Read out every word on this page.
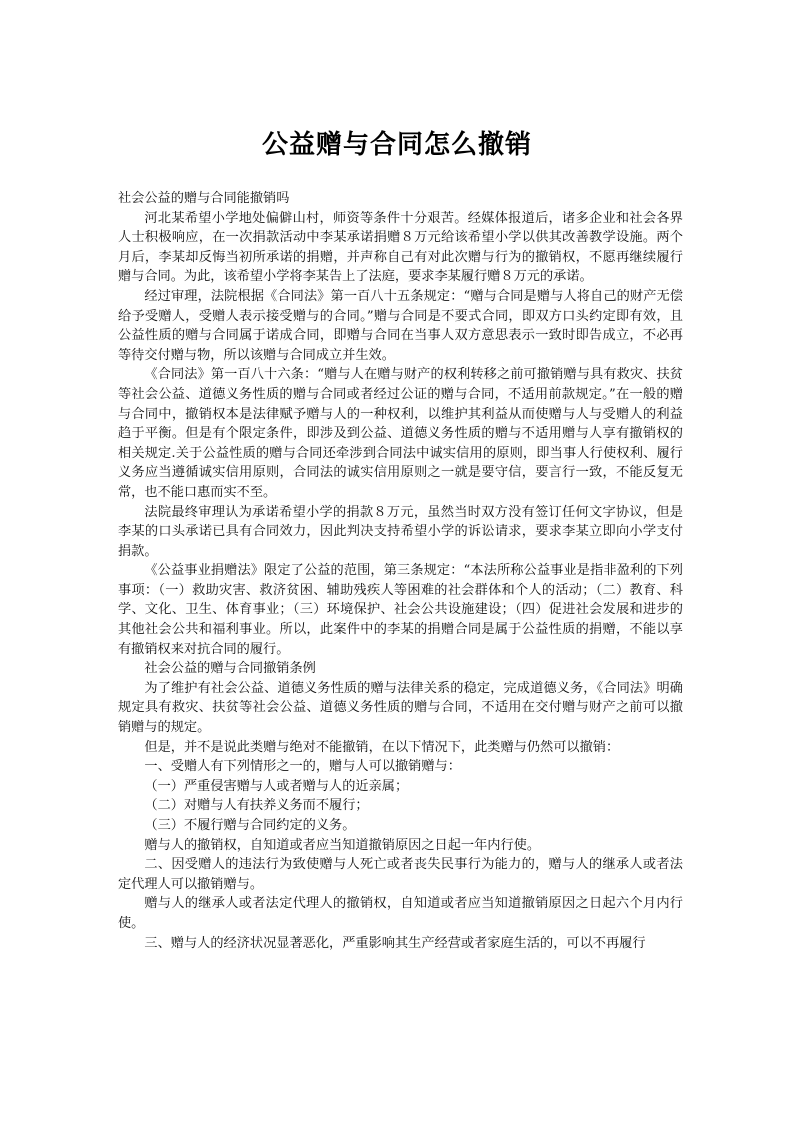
公益赠与合同怎么撤销

社会公益的赠与合同能撤销吗

河北某希望小学地处偏僻山村，师资等条件十分艰苦。经媒体报道后，诸多企业和社会各界人士积极响应，在一次捐款活动中李某承诺捐赠８万元给该希望小学以供其改善教学设施。两个月后，李某却反悔当初所承诺的捐赠，并声称自己有对此次赠与行为的撤销权，不愿再继续履行赠与合同。为此，该希望小学将李某告上了法庭，要求李某履行赠８万元的承诺。

经过审理，法院根据《合同法》第一百八十五条规定：“赠与合同是赠与人将自己的财产无偿给予受赠人，受赠人表示接受赠与的合同。”赠与合同是不要式合同，即双方口头约定即有效，且公益性质的赠与合同属于诺成合同，即赠与合同在当事人双方意思表示一致时即告成立，不必再等待交付赠与物，所以该赠与合同成立并生效。

《合同法》第一百八十六条：“赠与人在赠与财产的权利转移之前可撤销赠与具有救灾、扶贫等社会公益、道德义务性质的赠与合同或者经过公证的赠与合同，不适用前款规定。”在一般的赠与合同中，撤销权本是法律赋予赠与人的一种权利，以维护其利益从而使赠与人与受赠人的利益趋于平衡。但是有个限定条件，即涉及到公益、道德义务性质的赠与不适用赠与人享有撤销权的相关规定.关于公益性质的赠与合同还牵涉到合同法中诚实信用的原则，即当事人行使权利、履行义务应当遵循诚实信用原则，合同法的诚实信用原则之一就是要守信，要言行一致，不能反复无常，也不能口惠而实不至。

法院最终审理认为承诺希望小学的捐款８万元，虽然当时双方没有签订任何文字协议，但是李某的口头承诺已具有合同效力，因此判决支持希望小学的诉讼请求，要求李某立即向小学支付捐款。

《公益事业捐赠法》限定了公益的范围，第三条规定：“本法所称公益事业是指非盈利的下列事项：（一）救助灾害、救济贫困、辅助残疾人等困难的社会群体和个人的活动；（二）教育、科学、文化、卫生、体育事业；（三）环境保护、社会公共设施建设；（四）促进社会发展和进步的其他社会公共和福利事业。所以，此案件中的李某的捐赠合同是属于公益性质的捐赠，不能以享有撤销权来对抗合同的履行。

社会公益的赠与合同撤销条例

为了维护有社会公益、道德义务性质的赠与法律关系的稳定，完成道德义务，《合同法》明确规定具有救灾、扶贫等社会公益、道德义务性质的赠与合同，不适用在交付赠与财产之前可以撤销赠与的规定。

但是，并不是说此类赠与绝对不能撤销，在以下情况下，此类赠与仍然可以撤销：

一、受赠人有下列情形之一的，赠与人可以撤销赠与：

（一）严重侵害赠与人或者赠与人的近亲属；

（二）对赠与人有扶养义务而不履行；

（三）不履行赠与合同约定的义务。

赠与人的撤销权，自知道或者应当知道撤销原因之日起一年内行使。

二、因受赠人的违法行为致使赠与人死亡或者丧失民事行为能力的，赠与人的继承人或者法定代理人可以撤销赠与。

赠与人的继承人或者法定代理人的撤销权，自知道或者应当知道撤销原因之日起六个月内行使。

三、赠与人的经济状况显著恶化，严重影响其生产经营或者家庭生活的，可以不再履行
